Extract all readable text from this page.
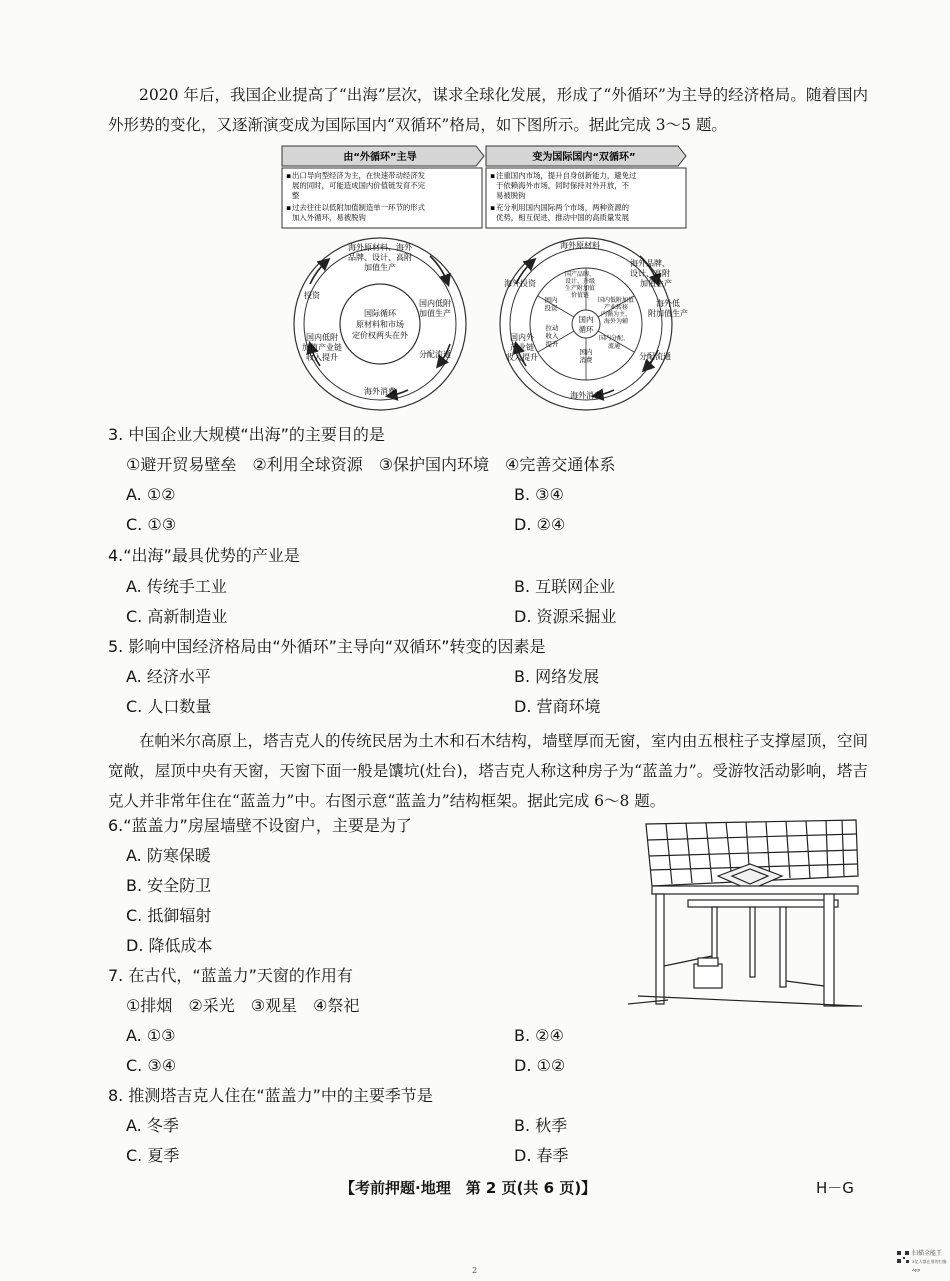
2020 年后，我国企业提高了“出海”层次，谋求全球化发展，形成了“外循环”为主导的经济格局。随着国内外形势的变化，又逐渐演变成为国际国内“双循环”格局，如下图所示。据此完成 3～5 题。
由“外循环”主导
▪ 出口导向型经济为主，在快速带动经济发
展的同时，可能造成国内价值链发育不完
整
▪ 过去往往以低附加值制造单一环节的形式
加入外循环，易被脱钩
海外原材料、海外
品牌、设计、高附
加值生产
国内低附
加值生产
分配流通
海外消费
国内低附
加值产业链
收入提升
投资
国际循环
原材料和市场
定价权两头在外
变为国际国内“双循环”
▪ 注重国内市场，提升自身创新能力，避免过
于依赖海外市场，同时保持对外开放，不
易被脱钩
▪ 充分利用国内国际两个市场，两种资源的
优势，相互促进，推动中国的高质量发展
海外原材料
海外品牌、
设计、高附
加值生产
海外低
附加值生产
分配流通
海外消费
国内外
产业链
收入提升
海外投资
国内
循环
国产品牌、
设计、升级
生产附加值
价值链
国内低附加值
产业转移
内循为主、
海外为辅
国内
投资
拉动
收入
提升
国内
消费
国内分配、
流通
3. 中国企业大规模“出海”的主要目的是
①避开贸易壁垒　②利用全球资源　③保护国内环境　④完善交通体系
A. ①②	B. ③④
C. ①③	D. ②④
4.“出海”最具优势的产业是
A. 传统手工业	B. 互联网企业
C. 高新制造业	D. 资源采掘业
5. 影响中国经济格局由“外循环”主导向“双循环”转变的因素是
A. 经济水平	B. 网络发展
C. 人口数量	D. 营商环境
在帕米尔高原上，塔吉克人的传统民居为土木和石木结构，墙壁厚而无窗，室内由五根柱子支撑屋顶，空间宽敞，屋顶中央有天窗，天窗下面一般是馕坑(灶台)，塔吉克人称这种房子为“蓝盖力”。受游牧活动影响，塔吉克人并非常年住在“蓝盖力”中。右图示意“蓝盖力”结构框架。据此完成 6～8 题。
6.“蓝盖力”房屋墙壁不设窗户，主要是为了
A. 防寒保暖
B. 安全防卫
C. 抵御辐射
D. 降低成本
7. 在古代，“蓝盖力”天窗的作用有
①排烟　②采光　③观星　④祭祀
A. ①③	B. ②④
C. ③④	D. ①②
8. 推测塔吉克人住在“蓝盖力”中的主要季节是
A. 冬季	B. 秋季
C. 夏季	D. 春季
【考前押题·地理　第 2 页(共 6 页)】	H－G
2
扫描全能王
3亿人都在用的扫描App
